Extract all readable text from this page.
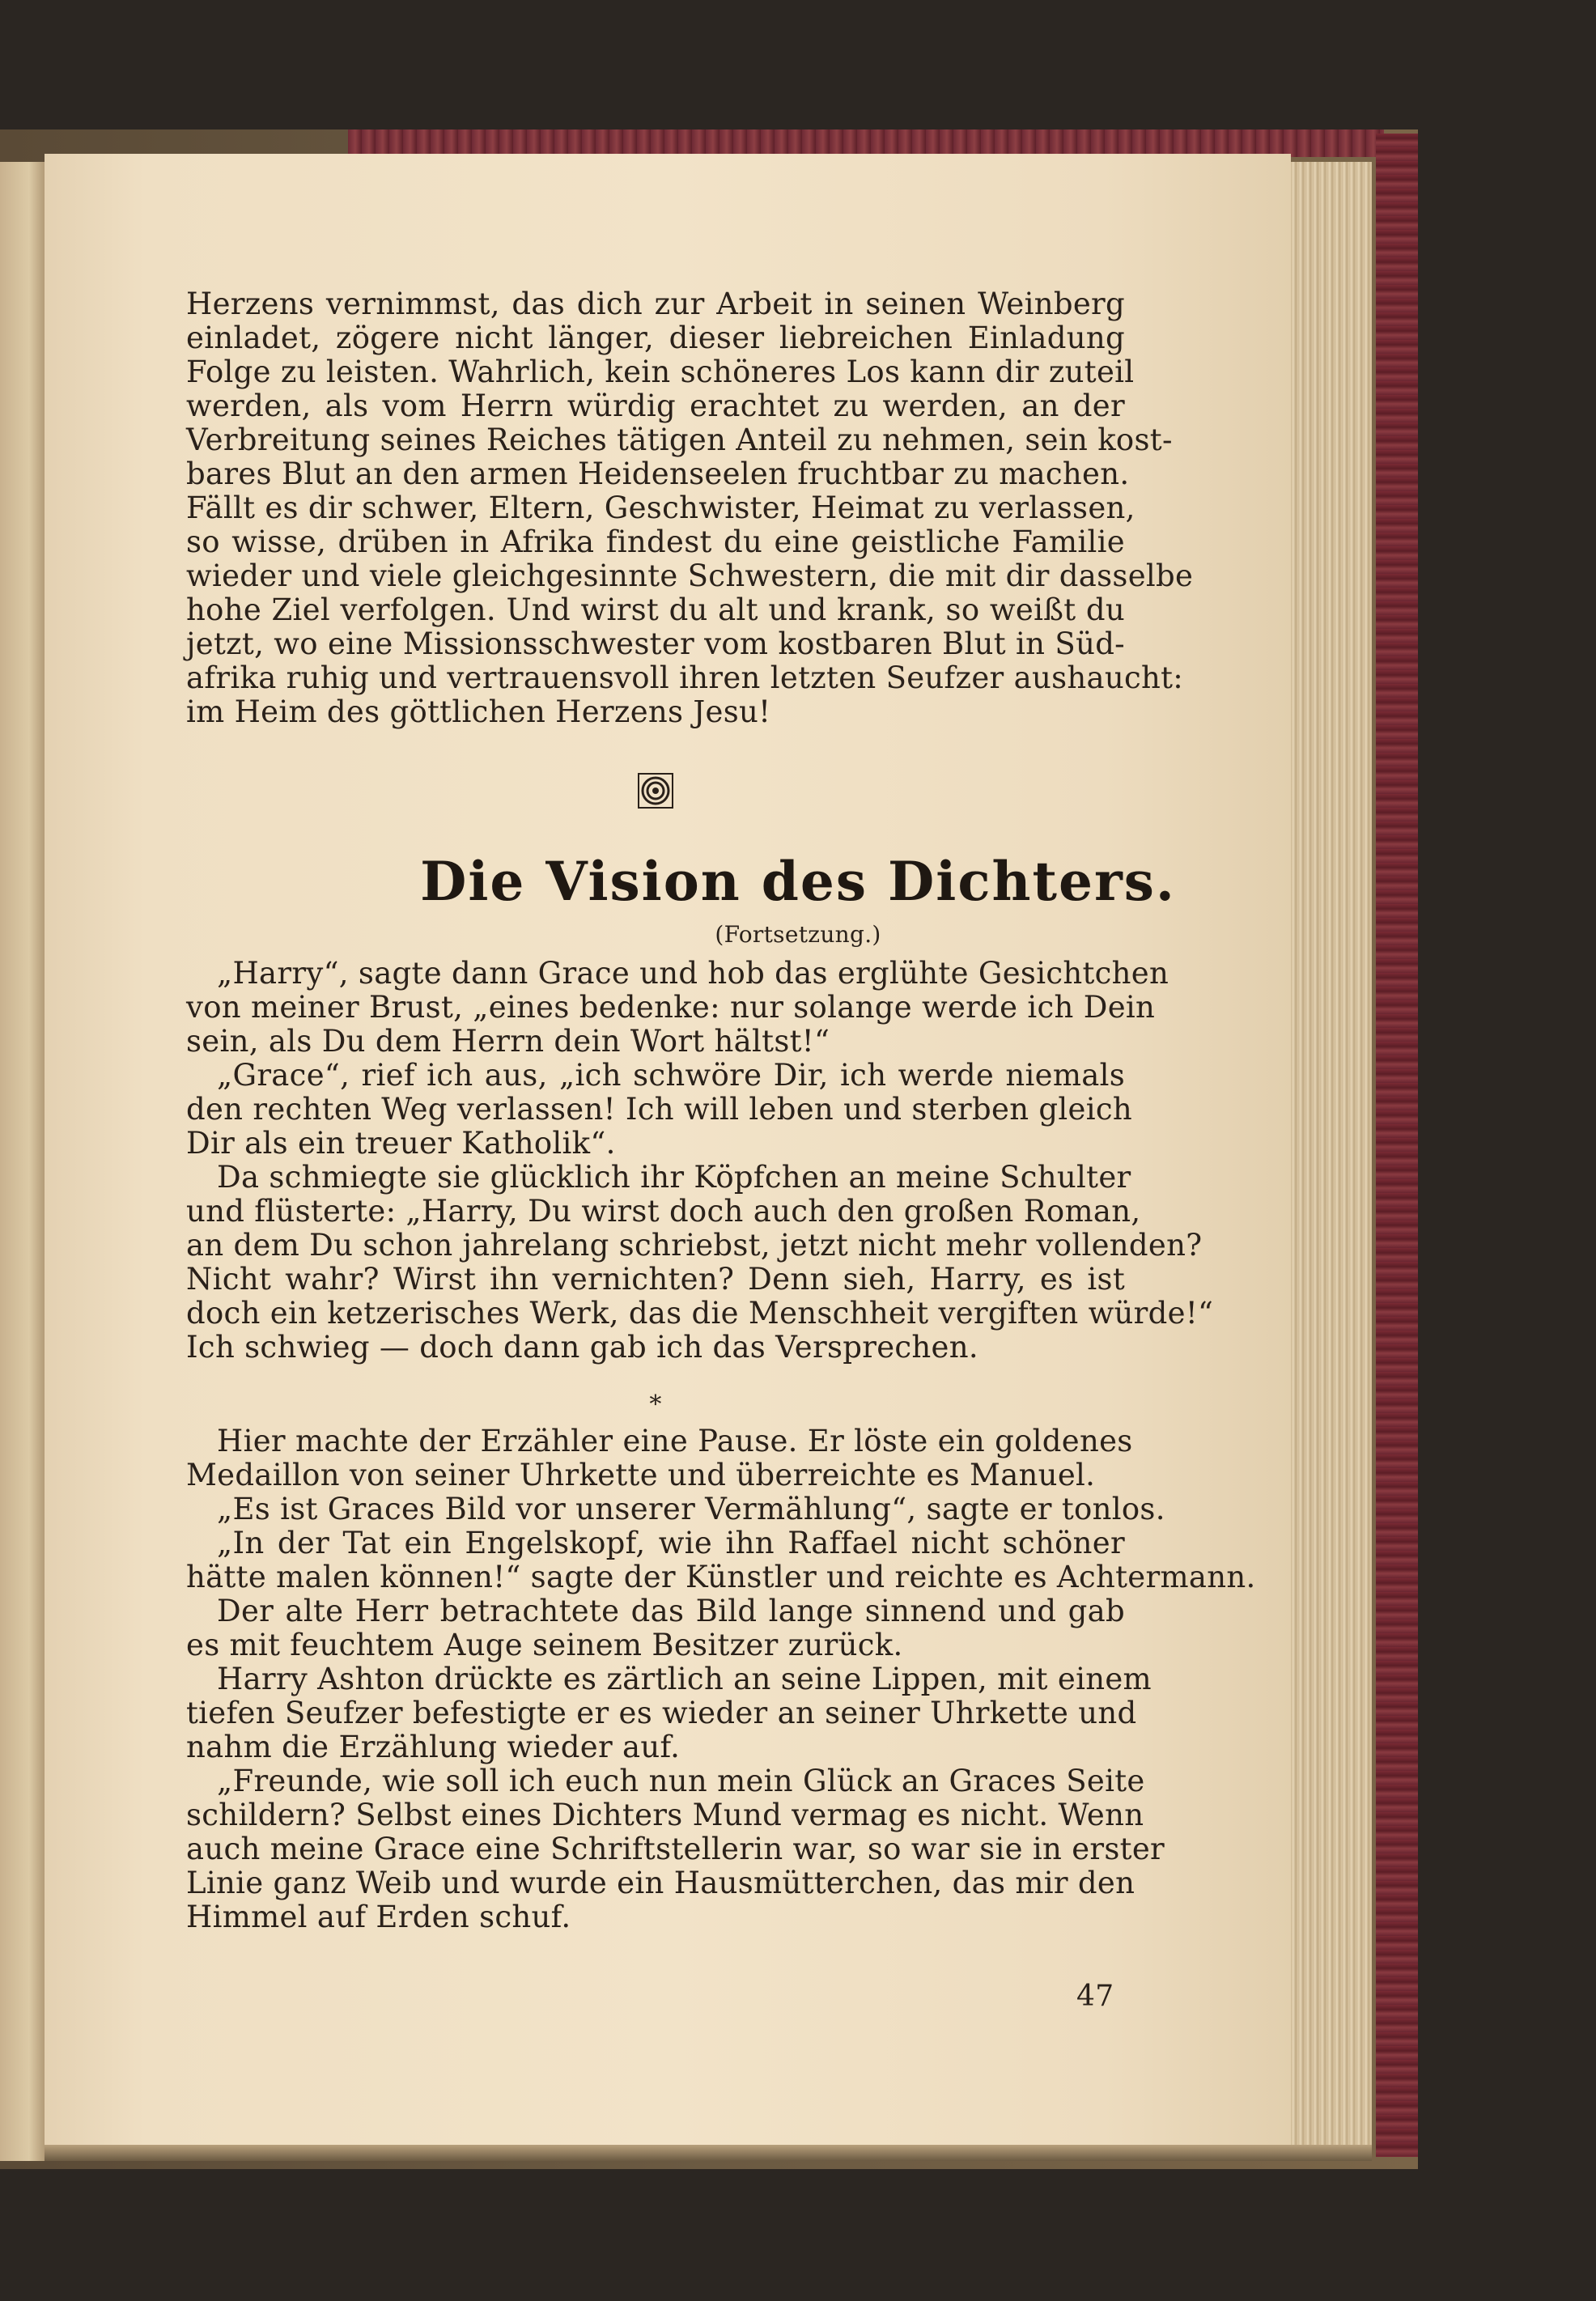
Herzens vernimmst, das dich zur Arbeit in seinen Weinberg
einladet, zögere nicht länger, dieser liebreichen Einladung
Folge zu leisten. Wahrlich, kein schöneres Los kann dir zuteil
werden, als vom Herrn würdig erachtet zu werden, an der
Verbreitung seines Reiches tätigen Anteil zu nehmen, sein kost-
bares Blut an den armen Heidenseelen fruchtbar zu machen.
Fällt es dir schwer, Eltern, Geschwister, Heimat zu verlassen,
so wisse, drüben in Afrika findest du eine geistliche Familie
wieder und viele gleichgesinnte Schwestern, die mit dir dasselbe
hohe Ziel verfolgen. Und wirst du alt und krank, so weißt du
jetzt, wo eine Missionsschwester vom kostbaren Blut in Süd-
afrika ruhig und vertrauensvoll ihren letzten Seufzer aushaucht:
im Heim des göttlichen Herzens Jesu!
Die Vision des Dichters.
(Fortsetzung.)
„Harry“, sagte dann Grace und hob das erglühte Gesichtchen
von meiner Brust, „eines bedenke: nur solange werde ich Dein
sein, als Du dem Herrn dein Wort hältst!“
„Grace“, rief ich aus, „ich schwöre Dir, ich werde niemals
den rechten Weg verlassen! Ich will leben und sterben gleich
Dir als ein treuer Katholik“.
Da schmiegte sie glücklich ihr Köpfchen an meine Schulter
und flüsterte: „Harry, Du wirst doch auch den großen Roman,
an dem Du schon jahrelang schriebst, jetzt nicht mehr vollenden?
Nicht wahr? Wirst ihn vernichten? Denn sieh, Harry, es ist
doch ein ketzerisches Werk, das die Menschheit vergiften würde!“
Ich schwieg — doch dann gab ich das Versprechen.
*
Hier machte der Erzähler eine Pause. Er löste ein goldenes
Medaillon von seiner Uhrkette und überreichte es Manuel.
„Es ist Graces Bild vor unserer Vermählung“, sagte er tonlos.
„In der Tat ein Engelskopf, wie ihn Raffael nicht schöner
hätte malen können!“ sagte der Künstler und reichte es Achtermann.
Der alte Herr betrachtete das Bild lange sinnend und gab
es mit feuchtem Auge seinem Besitzer zurück.
Harry Ashton drückte es zärtlich an seine Lippen, mit einem
tiefen Seufzer befestigte er es wieder an seiner Uhrkette und
nahm die Erzählung wieder auf.
„Freunde, wie soll ich euch nun mein Glück an Graces Seite
schildern? Selbst eines Dichters Mund vermag es nicht. Wenn
auch meine Grace eine Schriftstellerin war, so war sie in erster
Linie ganz Weib und wurde ein Hausmütterchen, das mir den
Himmel auf Erden schuf.
47
